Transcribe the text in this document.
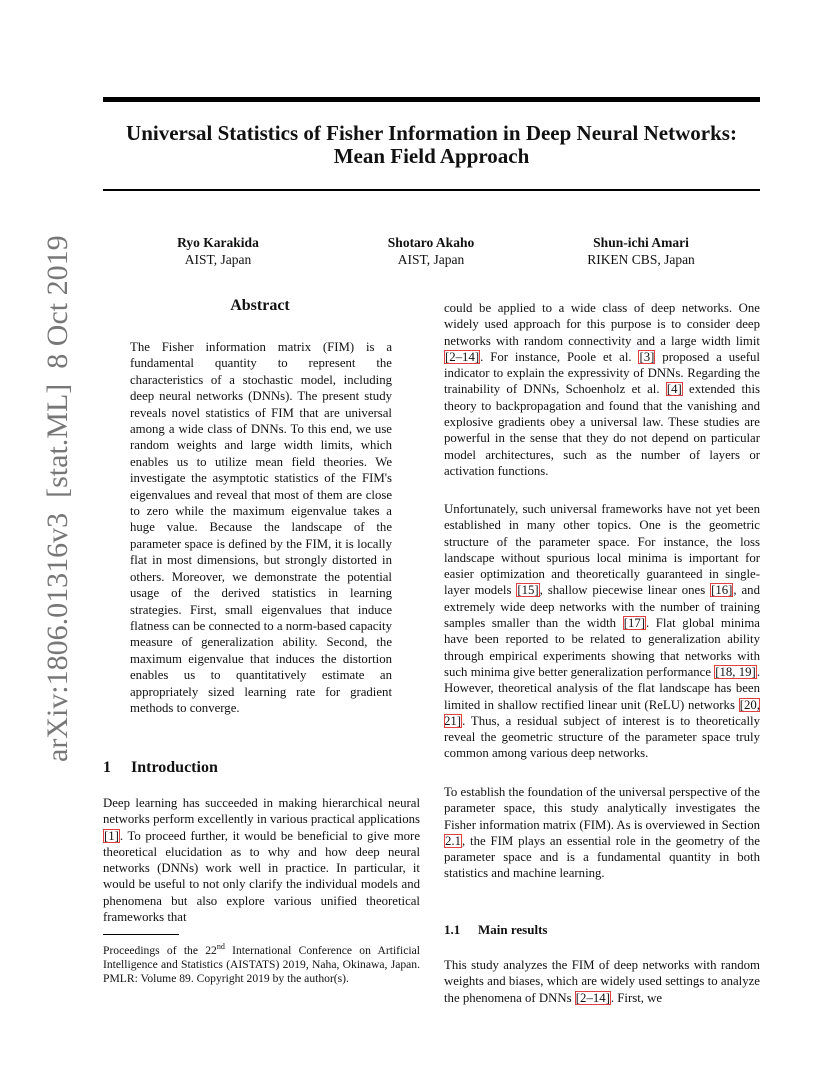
Universal Statistics of Fisher Information in Deep Neural Networks:
Mean Field Approach
Ryo Karakida
AIST, Japan
Shotaro Akaho
AIST, Japan
Shun-ichi Amari
RIKEN CBS, Japan
arXiv:1806.01316v3  [stat.ML]  8 Oct 2019	Abstract

The Fisher information matrix (FIM) is a fundamental quantity to represent the characteristics of a stochastic model, including deep neural networks (DNNs). The present study reveals novel statistics of FIM that are universal among a wide class of DNNs. To this end, we use random weights and large width limits, which enables us to utilize mean field theories. We investigate the asymptotic statistics of the FIM's eigenvalues and reveal that most of them are close to zero while the maximum eigenvalue takes a huge value. Because the landscape of the parameter space is defined by the FIM, it is locally flat in most dimensions, but strongly distorted in others. Moreover, we demonstrate the potential usage of the derived statistics in learning strategies. First, small eigenvalues that induce flatness can be connected to a norm-based capacity measure of generalization ability. Second, the maximum eigenvalue that induces the distortion enables us to quantitatively estimate an appropriately sized learning rate for gradient methods to converge.

1 Introduction

Deep learning has succeeded in making hierarchical neural networks perform excellently in various practical applications [1]. To proceed further, it would be beneficial to give more theoretical elucidation as to why and how deep neural networks (DNNs) work well in practice. In particular, it would be useful to not only clarify the individual models and phenomena but also explore various unified theoretical frameworks that

Proceedings of the 22nd International Conference on Artificial Intelligence and Statistics (AISTATS) 2019, Naha, Okinawa, Japan. PMLR: Volume 89. Copyright 2019 by the author(s).

could be applied to a wide class of deep networks. One widely used approach for this purpose is to consider deep networks with random connectivity and a large width limit [2–14]. For instance, Poole et al. [3] proposed a useful indicator to explain the expressivity of DNNs. Regarding the trainability of DNNs, Schoenholz et al. [4] extended this theory to backpropagation and found that the vanishing and explosive gradients obey a universal law. These studies are powerful in the sense that they do not depend on particular model architectures, such as the number of layers or activation functions.

Unfortunately, such universal frameworks have not yet been established in many other topics. One is the geometric structure of the parameter space. For instance, the loss landscape without spurious local minima is important for easier optimization and theoretically guaranteed in single-layer models [15], shallow piecewise linear ones [16], and extremely wide deep networks with the number of training samples smaller than the width [17]. Flat global minima have been reported to be related to generalization ability through empirical experiments showing that networks with such minima give better generalization performance [18, 19]. However, theoretical analysis of the flat landscape has been limited in shallow rectified linear unit (ReLU) networks [20, 21]. Thus, a residual subject of interest is to theoretically reveal the geometric structure of the parameter space truly common among various deep networks.

To establish the foundation of the universal perspective of the parameter space, this study analytically investigates the Fisher information matrix (FIM). As is overviewed in Section 2.1, the FIM plays an essential role in the geometry of the parameter space and is a fundamental quantity in both statistics and machine learning.

1.1 Main results

This study analyzes the FIM of deep networks with random weights and biases, which are widely used settings to analyze the phenomena of DNNs [2–14]. First, we
